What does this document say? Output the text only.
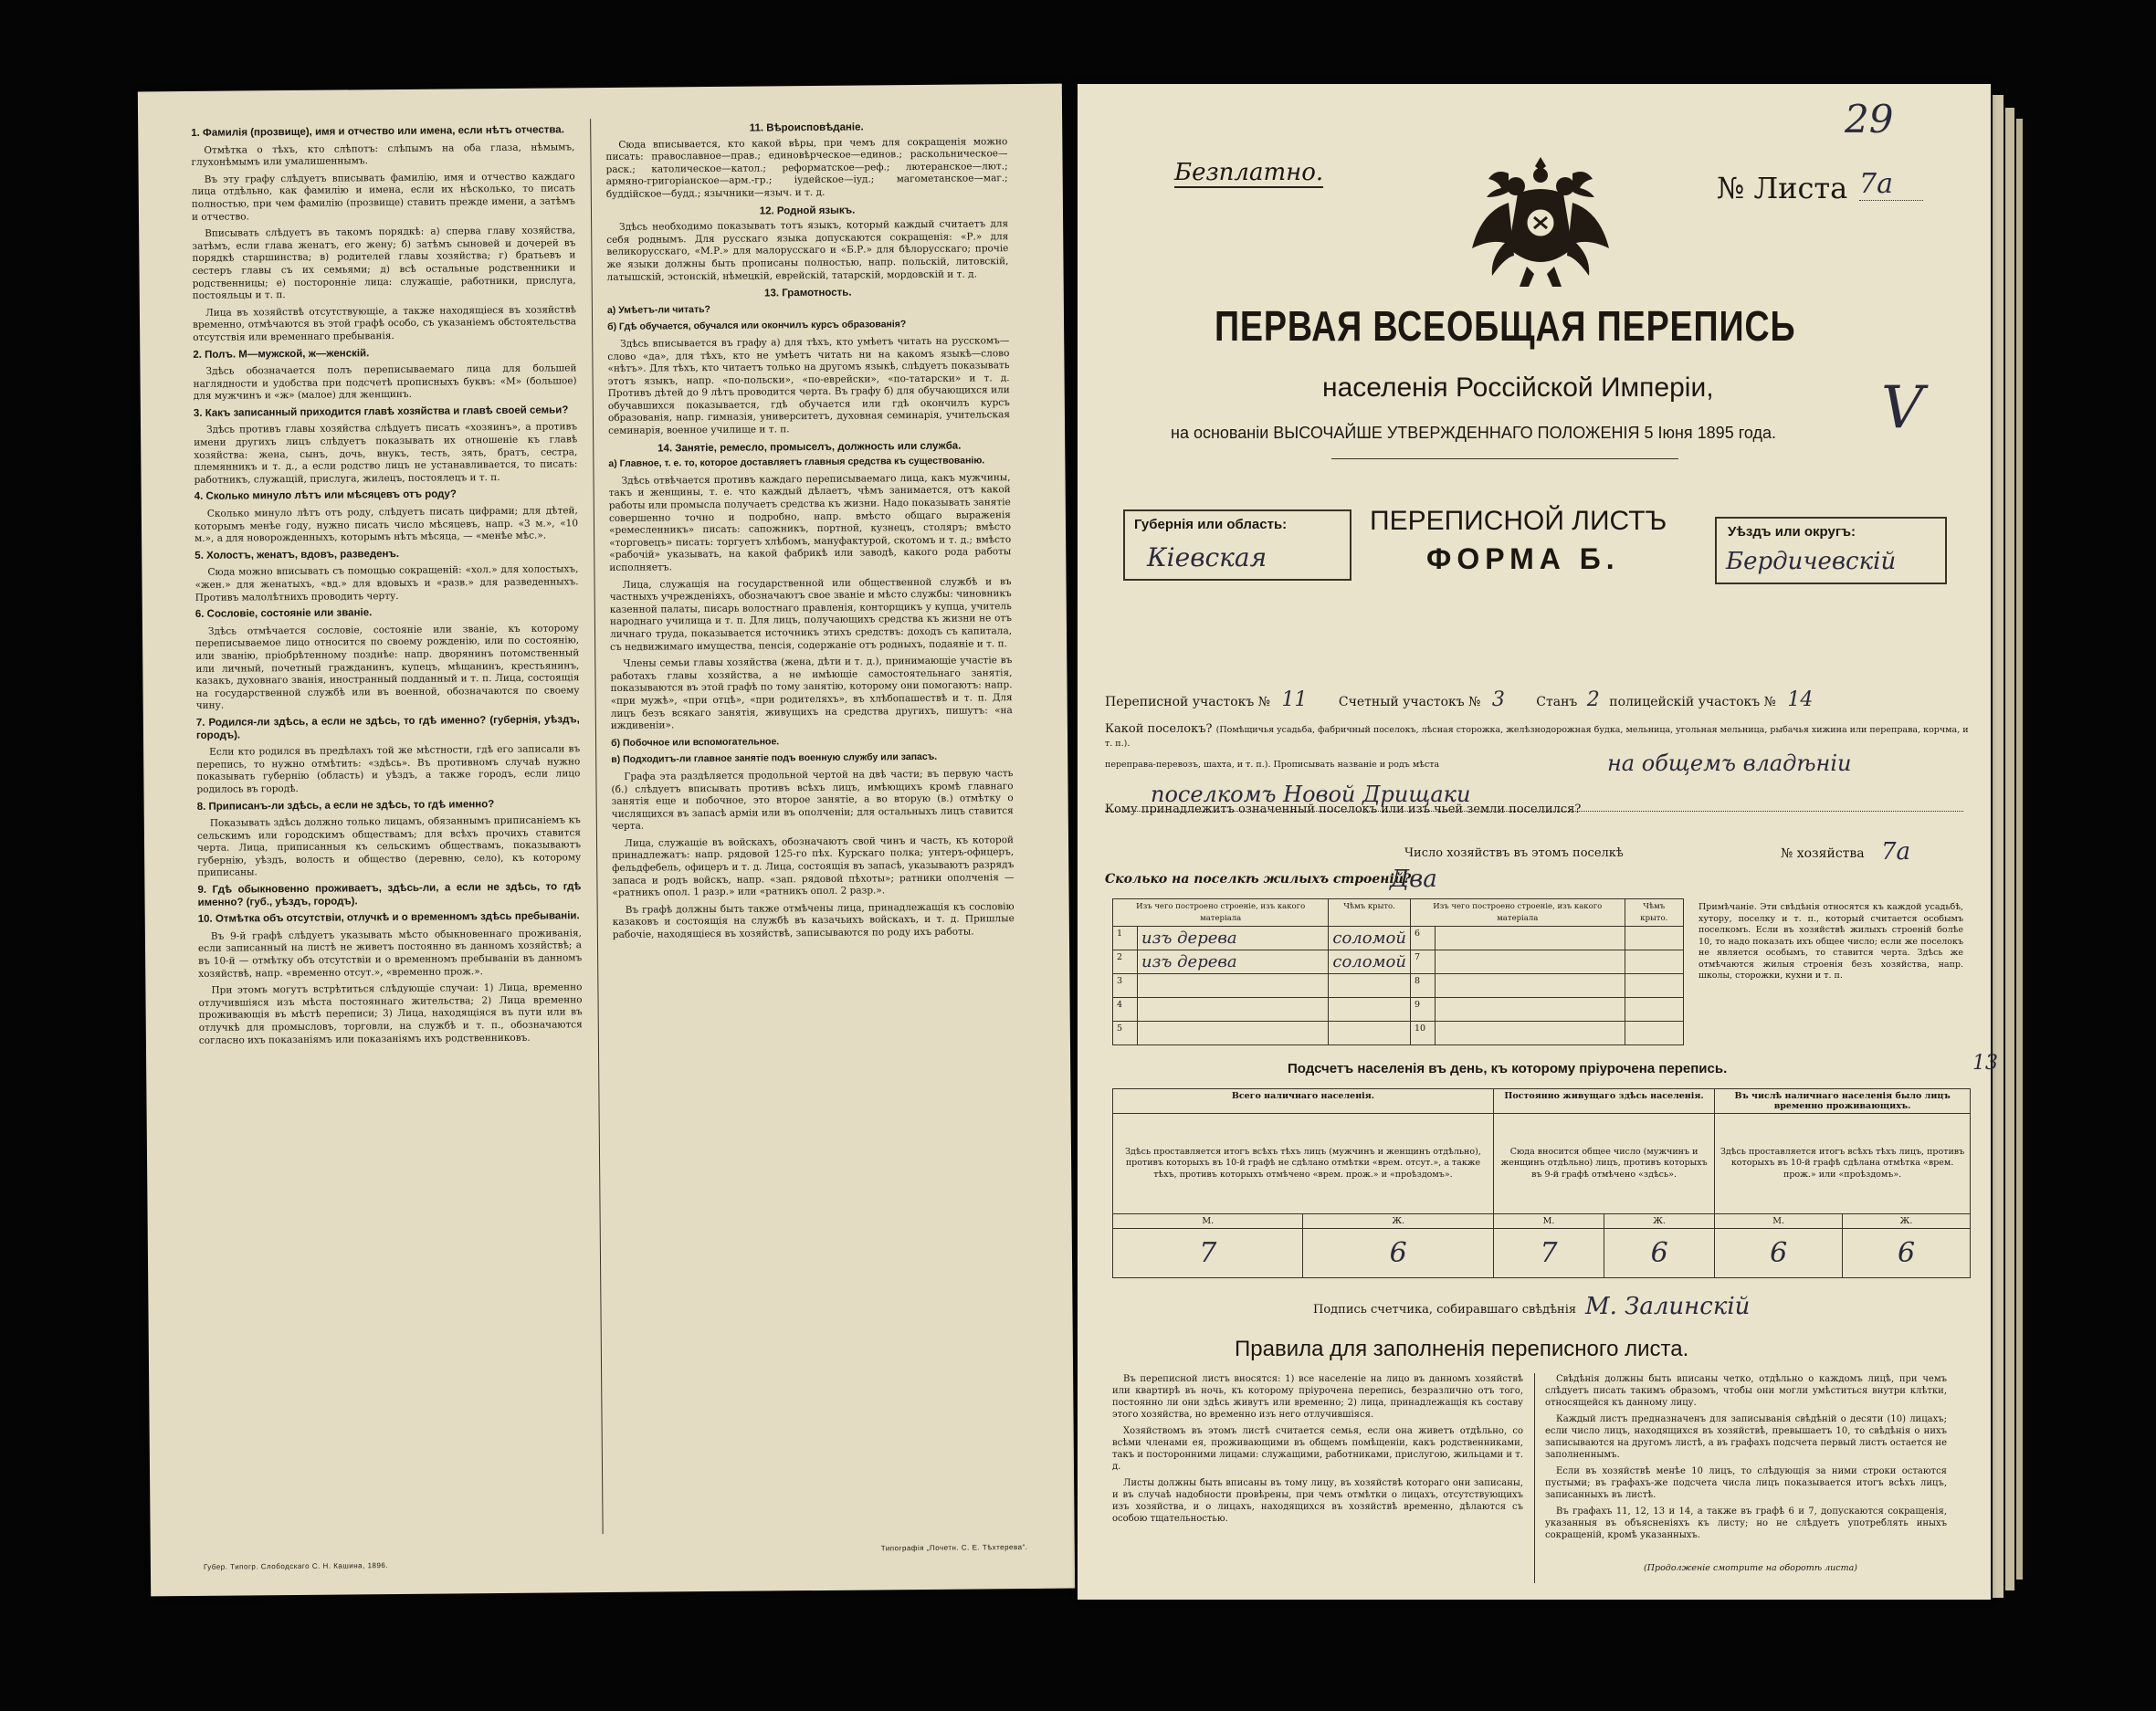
1. Фамилія (прозвище), имя и отчество или имена, если нѣтъ отчества.

Отмѣтка о тѣхъ, кто слѣпотъ: слѣпымъ на оба глаза, нѣмымъ, глухонѣмымъ или умалишеннымъ.

Въ эту графу слѣдуетъ вписывать фамилію, имя и отчество каждаго лица отдѣльно, как фамилію и имена, если их нѣсколько, то писать полностью, при чем фамилію (прозвище) ставить прежде имени, а затѣмъ и отчество.

Вписывать слѣдуетъ въ такомъ порядкѣ: а) сперва главу хозяйства, затѣмъ, если глава женатъ, его жену; б) затѣмъ сыновей и дочерей въ порядкѣ старшинства; в) родителей главы хозяйства; г) братьевъ и сестеръ главы съ их семьями; д) всѣ остальные родственники и родственницы; е) посторонніе лица: служащіе, работники, прислуга, постояльцы и т. п.

Лица въ хозяйствѣ отсутствующіе, а также находящіеся въ хозяйствѣ временно, отмѣчаются въ этой графѣ особо, съ указаніемъ обстоятельства отсутствія или временнаго пребыванія.

2. Полъ. М—мужской, ж—женскій.

Здѣсь обозначается полъ переписываемаго лица для большей наглядности и удобства при подсчетѣ прописныхъ буквъ: «М» (большое) для мужчинъ и «ж» (малое) для женщинъ.

3. Какъ записанный приходится главѣ хозяйства и главѣ своей семьи?

Здѣсь противъ главы хозяйства слѣдуетъ писать «хозяинъ», а противъ имени другихъ лицъ слѣдуетъ показывать их отношеніе къ главѣ хозяйства: жена, сынъ, дочь, внукъ, тесть, зять, братъ, сестра, племянникъ и т. д., а если родство лицъ не устанавливается, то писать: работникъ, служащій, прислуга, жилецъ, постоялецъ и т. п.

4. Сколько минуло лѣтъ или мѣсяцевъ отъ роду?

Сколько минуло лѣтъ отъ роду, слѣдуетъ писать цифрами; для дѣтей, которымъ менѣе году, нужно писать число мѣсяцевъ, напр. «3 м.», «10 м.», а для новорожденныхъ, которымъ нѣтъ мѣсяца, — «менѣе мѣс.».

5. Холостъ, женатъ, вдовъ, разведенъ.

Сюда можно вписывать съ помощью сокращеній: «хол.» для холостыхъ, «жен.» для женатыхъ, «вд.» для вдовыхъ и «разв.» для разведенныхъ. Противъ малолѣтнихъ проводить черту.

6. Сословіе, состояніе или званіе.

Здѣсь отмѣчается сословіе, состояніе или званіе, къ которому переписываемое лицо относится по своему рожденію, или по состоянію, или званію, пріобрѣтенному позднѣе: напр. дворянинъ потомственный или личный, почетный гражданинъ, купецъ, мѣщанинъ, крестьянинъ, казакъ, духовнаго званія, иностранный подданный и т. п. Лица, состоящія на государственной службѣ или въ военной, обозначаются по своему чину.

7. Родился-ли здѣсь, а если не здѣсь, то гдѣ именно? (губернія, уѣздъ, городъ).

Если кто родился въ предѣлахъ той же мѣстности, гдѣ его записали въ перепись, то нужно отмѣтить: «здѣсь». Въ противномъ случаѣ нужно показывать губернію (область) и уѣздъ, а также городъ, если лицо родилось въ городѣ.

8. Приписанъ-ли здѣсь, а если не здѣсь, то гдѣ именно?

Показывать здѣсь должно только лицамъ, обязаннымъ приписаніемъ къ сельскимъ или городскимъ обществамъ; для всѣхъ прочихъ ставится черта. Лица, приписанныя къ сельскимъ обществамъ, показываютъ губернію, уѣздъ, волость и общество (деревню, село), къ которому приписаны.

9. Гдѣ обыкновенно проживаетъ, здѣсь-ли, а если не здѣсь, то гдѣ именно? (губ., уѣздъ, городъ).

10. Отмѣтка объ отсутствіи, отлучкѣ и о временномъ здѣсь пребываніи.

Въ 9-й графѣ слѣдуетъ указывать мѣсто обыкновеннаго проживанія, если записанный на лиcтѣ не живетъ постоянно въ данномъ хозяйствѣ; а въ 10-й — отмѣтку объ отсутствіи и о временномъ пребываніи въ данномъ хозяйствѣ, напр. «временно отсут.», «временно прож.».

При этомъ могутъ встрѣтиться слѣдующіе случаи: 1) Лица, временно отлучившіяся изъ мѣста постояннаго жительства; 2) Лица временно проживающія въ мѣстѣ переписи; 3) Лица, находящіяся въ пути или въ отлучкѣ для промысловъ, торговли, на службѣ и т. п., обозначаются согласно ихъ показаніямъ или показаніямъ ихъ родственниковъ.

11. Вѣроисповѣданіе.

Сюда вписывается, кто какой вѣры, при чемъ для сокращенія можно писать: православное—прав.; единовѣрческое—единов.; раскольническое—раск.; католическое—катол.; реформатское—реф.; лютеранское—лют.; армяно-григоріанское—арм.-гр.; іудейское—іуд.; магометанское—маг.; буддійское—будд.; язычники—языч. и т. д.

12. Родной языкъ.

Здѣсь необходимо показывать тотъ языкъ, который каждый считаетъ для себя роднымъ. Для русскаго языка допускаются сокращенія: «Р.» для великорусскаго, «М.Р.» для малорусскаго и «Б.Р.» для бѣлорусскаго; прочіе же языки должны быть прописаны полностью, напр. польскій, литовскій, латышскій, эстонскій, нѣмецкій, еврейскій, татарскій, мордовскій и т. д.

13. Грамотность.

а) Умѣетъ-ли читать?

б) Гдѣ обучается, обучался или окончилъ курсъ образованія?

Здѣсь вписывается въ графу а) для тѣхъ, кто умѣетъ читать на русскомъ—слово «да», для тѣхъ, кто не умѣетъ читать ни на какомъ языкѣ—слово «нѣтъ». Для тѣхъ, кто читаетъ только на другомъ языкѣ, слѣдуетъ показывать этотъ языкъ, напр. «по-польски», «по-еврейски», «по-татарски» и т. д. Противъ дѣтей до 9 лѣтъ проводится черта. Въ графу б) для обучающихся или обучавшихся показывается, гдѣ обучается или гдѣ окончилъ курсъ образованія, напр. гимназія, университетъ, духовная семинарія, учительская семинарія, военное училище и т. п.

14. Занятіе, ремесло, промыселъ, должность или служба.

а) Главное, т. е. то, которое доставляетъ главныя средства къ существованію.

Здѣсь отвѣчается противъ каждаго переписываемаго лица, какъ мужчины, такъ и женщины, т. е. что каждый дѣлаетъ, чѣмъ занимается, отъ какой работы или промысла получаетъ средства къ жизни. Надо показывать занятіе совершенно точно и подробно, напр. вмѣсто общаго выраженія «ремесленникъ» писать: сапожникъ, портной, кузнецъ, столяръ; вмѣсто «торговецъ» писать: торгуетъ хлѣбомъ, мануфактурой, скотомъ и т. д.; вмѣсто «рабочій» указывать, на какой фабрикѣ или заводѣ, какого рода работы исполняетъ.

Лица, служащія на государственной или общественной службѣ и въ частныхъ учрежденіяхъ, обозначаютъ свое званіе и мѣсто службы: чиновникъ казенной палаты, писарь волостнаго правленія, конторщикъ у купца, учитель народнаго училища и т. п. Для лицъ, получающихъ средства къ жизни не отъ личнаго труда, показывается источникъ этихъ средствъ: доходъ съ капитала, съ недвижимаго имущества, пенсія, содержаніе отъ родныхъ, подаяніе и т. п.

Члены семьи главы хозяйства (жена, дѣти и т. д.), принимающіе участіе въ работахъ главы хозяйства, а не имѣющіе самостоятельнаго занятія, показываются въ этой графѣ по тому занятію, которому они помогаютъ: напр. «при мужѣ», «при отцѣ», «при родителяхъ», въ хлѣбопашествѣ и т. п. Для лицъ безъ всякаго занятія, живущихъ на средства другихъ, пишутъ: «на иждивеніи».

б) Побочное или вспомогательное.

в) Подходитъ-ли главное занятіе подъ военную службу или запасъ.

Графа эта раздѣляется продольной чертой на двѣ части; въ первую часть (б.) слѣдуетъ вписывать противъ всѣхъ лицъ, имѣющихъ кромѣ главнаго занятія еще и побочное, это второе занятіе, а во вторую (в.) отмѣтку о числящихся въ запасѣ арміи или въ ополченіи; для остальныхъ лицъ ставится черта.

Лица, служащіе въ войскахъ, обозначаютъ свой чинъ и часть, къ которой принадлежатъ: напр. рядовой 125-го пѣх. Курскаго полка; унтеръ-офицеръ, фельдфебель, офицеръ и т. д. Лица, состоящія въ запасѣ, указываютъ разрядъ запаса и родъ войскъ, напр. «зап. рядовой пѣхоты»; ратники ополченія — «ратникъ опол. 1 разр.» или «ратникъ опол. 2 разр.».

Въ графѣ должны быть также отмѣчены лица, принадлежащія къ сословію казаковъ и состоящія на службѣ въ казачьихъ войскахъ, и т. д. Пришлые рабочіе, находящіеся въ хозяйствѣ, записываются по роду ихъ работы.

Губер. Типогр. Слободскаго С. Н. Кашина, 1896.
Типографія „Почетн. С. Е. Тѣхтерева“.
Безплатно.	№ Листа 7а
29
V
ПЕРВАЯ ВСЕОБЩАЯ ПЕРЕПИСЬ
населенія Россійской Имперіи,
на основаніи ВЫСОЧАЙШЕ УТВЕРЖДЕННАГО ПОЛОЖЕНІЯ 5 Іюня 1895 года.
Губернія или область:
Кіевская
ПЕРЕПИСНОЙ ЛИСТЪ
ФОРМА Б.
Уѣздъ или округъ:
Бердичевскій
Переписной участокъ № 11 Счетный участокъ № 3 Станъ 2 полицейскій участокъ № 14
Какой поселокъ? (Помѣщичья усадьба, фабричный поселокъ, лѣсная сторожка, желѣзнодорожная будка, мельница, угольная мельница, рыбачья хижина или переправа, корчма, и т. п.).
переправа-перевозъ, шахта, и т. п.). Прописывать названіе и родъ мѣста	на общемъ владѣніи
поселкомъ Новой Дрищаки
Кому принадлежитъ означенный поселокъ или изъ чьей земли поселился?
Число хозяйствъ въ этомъ поселкѣ	№ хозяйства 7а
Сколько на поселкѣ жилыхъ строеній?
Два
Изъ чего построено строеніе, изъ какого матеріала		Чѣмъ крыто.	Изъ чего построено строеніе, изъ какого матеріала		Чѣмъ крыто.
1	изъ дерева	соломой	6		
2	изъ дерева	соломой	7		
3			8		
4			9		
5			10		
Примѣчаніе. Эти свѣдѣнія относятся къ каждой усадьбѣ, хутору, поселку и т. п., который считается особымъ поселкомъ. Если въ хозяйствѣ жилыхъ строеній болѣе 10, то надо показать ихъ общее число; если же поселокъ не является особымъ, то ставится черта. Здѣсь же отмѣчаются жилыя строенія безъ хозяйства, напр. школы, сторожки, кухни и т. п.
Подсчетъ населенія въ день, къ которому пріурочена перепись.	13
Всего наличнаго населенія.		Постоянно живущаго здѣсь населенія.		Въ числѣ наличнаго населенія было лицъ временно проживающихъ.	
Здѣсь проставляется итогъ всѣхъ тѣхъ лицъ (мужчинъ и женщинъ отдѣльно), противъ которыхъ въ 10-й графѣ не сдѣлано отмѣтки «врем. отсут.», а также тѣхъ, противъ которыхъ отмѣчено «врем. прож.» и «проѣздомъ».		Сюда вносится общее число (мужчинъ и женщинъ отдѣльно) лицъ, противъ которыхъ въ 9-й графѣ отмѣчено «здѣсь».		Здѣсь проставляется итогъ всѣхъ тѣхъ лицъ, противъ которыхъ въ 10-й графѣ сдѣлана отмѣтка «врем. прож.» или «проѣздомъ».	
М.	Ж.	М.	Ж.	М.	Ж.
7	6	7	6	6	6
Подпись счетчика, собиравшаго свѣдѣнія М. Залинскій
Правила для заполненія переписного листа.

Въ переписной листъ вносятся: 1) все населеніе на лицо въ данномъ хозяйствѣ или квартирѣ въ ночь, къ которому пріурочена перепись, безразлично отъ того, постоянно ли они здѣсь живутъ или временно; 2) лица, принадлежащія къ составу этого хозяйства, но временно изъ него отлучившіяся.

Хозяйствомъ въ этомъ листѣ считается семья, если она живетъ отдѣльно, со всѣми членами ея, проживающими въ общемъ помѣщеніи, какъ родственниками, такъ и посторонними лицами: служащими, работниками, прислугою, жильцами и т. д.

Листы должны быть вписаны въ тому лицу, въ хозяйствѣ котораго они записаны, и въ случаѣ надобности провѣрены, при чемъ отмѣтки о лицахъ, отсутствующихъ изъ хозяйства, и о лицахъ, находящихся въ хозяйствѣ временно, дѣлаются съ особою тщательностью.

Свѣдѣнія должны быть вписаны четко, отдѣльно о каждомъ лицѣ, при чемъ слѣдуетъ писать такимъ образомъ, чтобы они могли умѣститься внутри клѣтки, относящейся къ данному лицу.

Каждый листъ предназначенъ для записыванія свѣдѣній о десяти (10) лицахъ; если число лицъ, находящихся въ хозяйствѣ, превышаетъ 10, то свѣдѣнія о нихъ записываются на другомъ листѣ, а въ графахъ подсчета первый листъ остается не заполненнымъ.

Если въ хозяйствѣ менѣе 10 лицъ, то слѣдующія за ними строки остаются пустыми; въ графахъ-же подсчета числа лицъ показывается итогъ всѣхъ лицъ, записанныхъ въ листѣ.

Въ графахъ 11, 12, 13 и 14, а также въ графѣ 6 и 7, допускаются сокращенія, указанныя въ объясненіяхъ къ листу; но не слѣдуетъ употреблять иныхъ сокращеній, кромѣ указанныхъ.

(Продолженіе смотрите на оборотѣ листа)
